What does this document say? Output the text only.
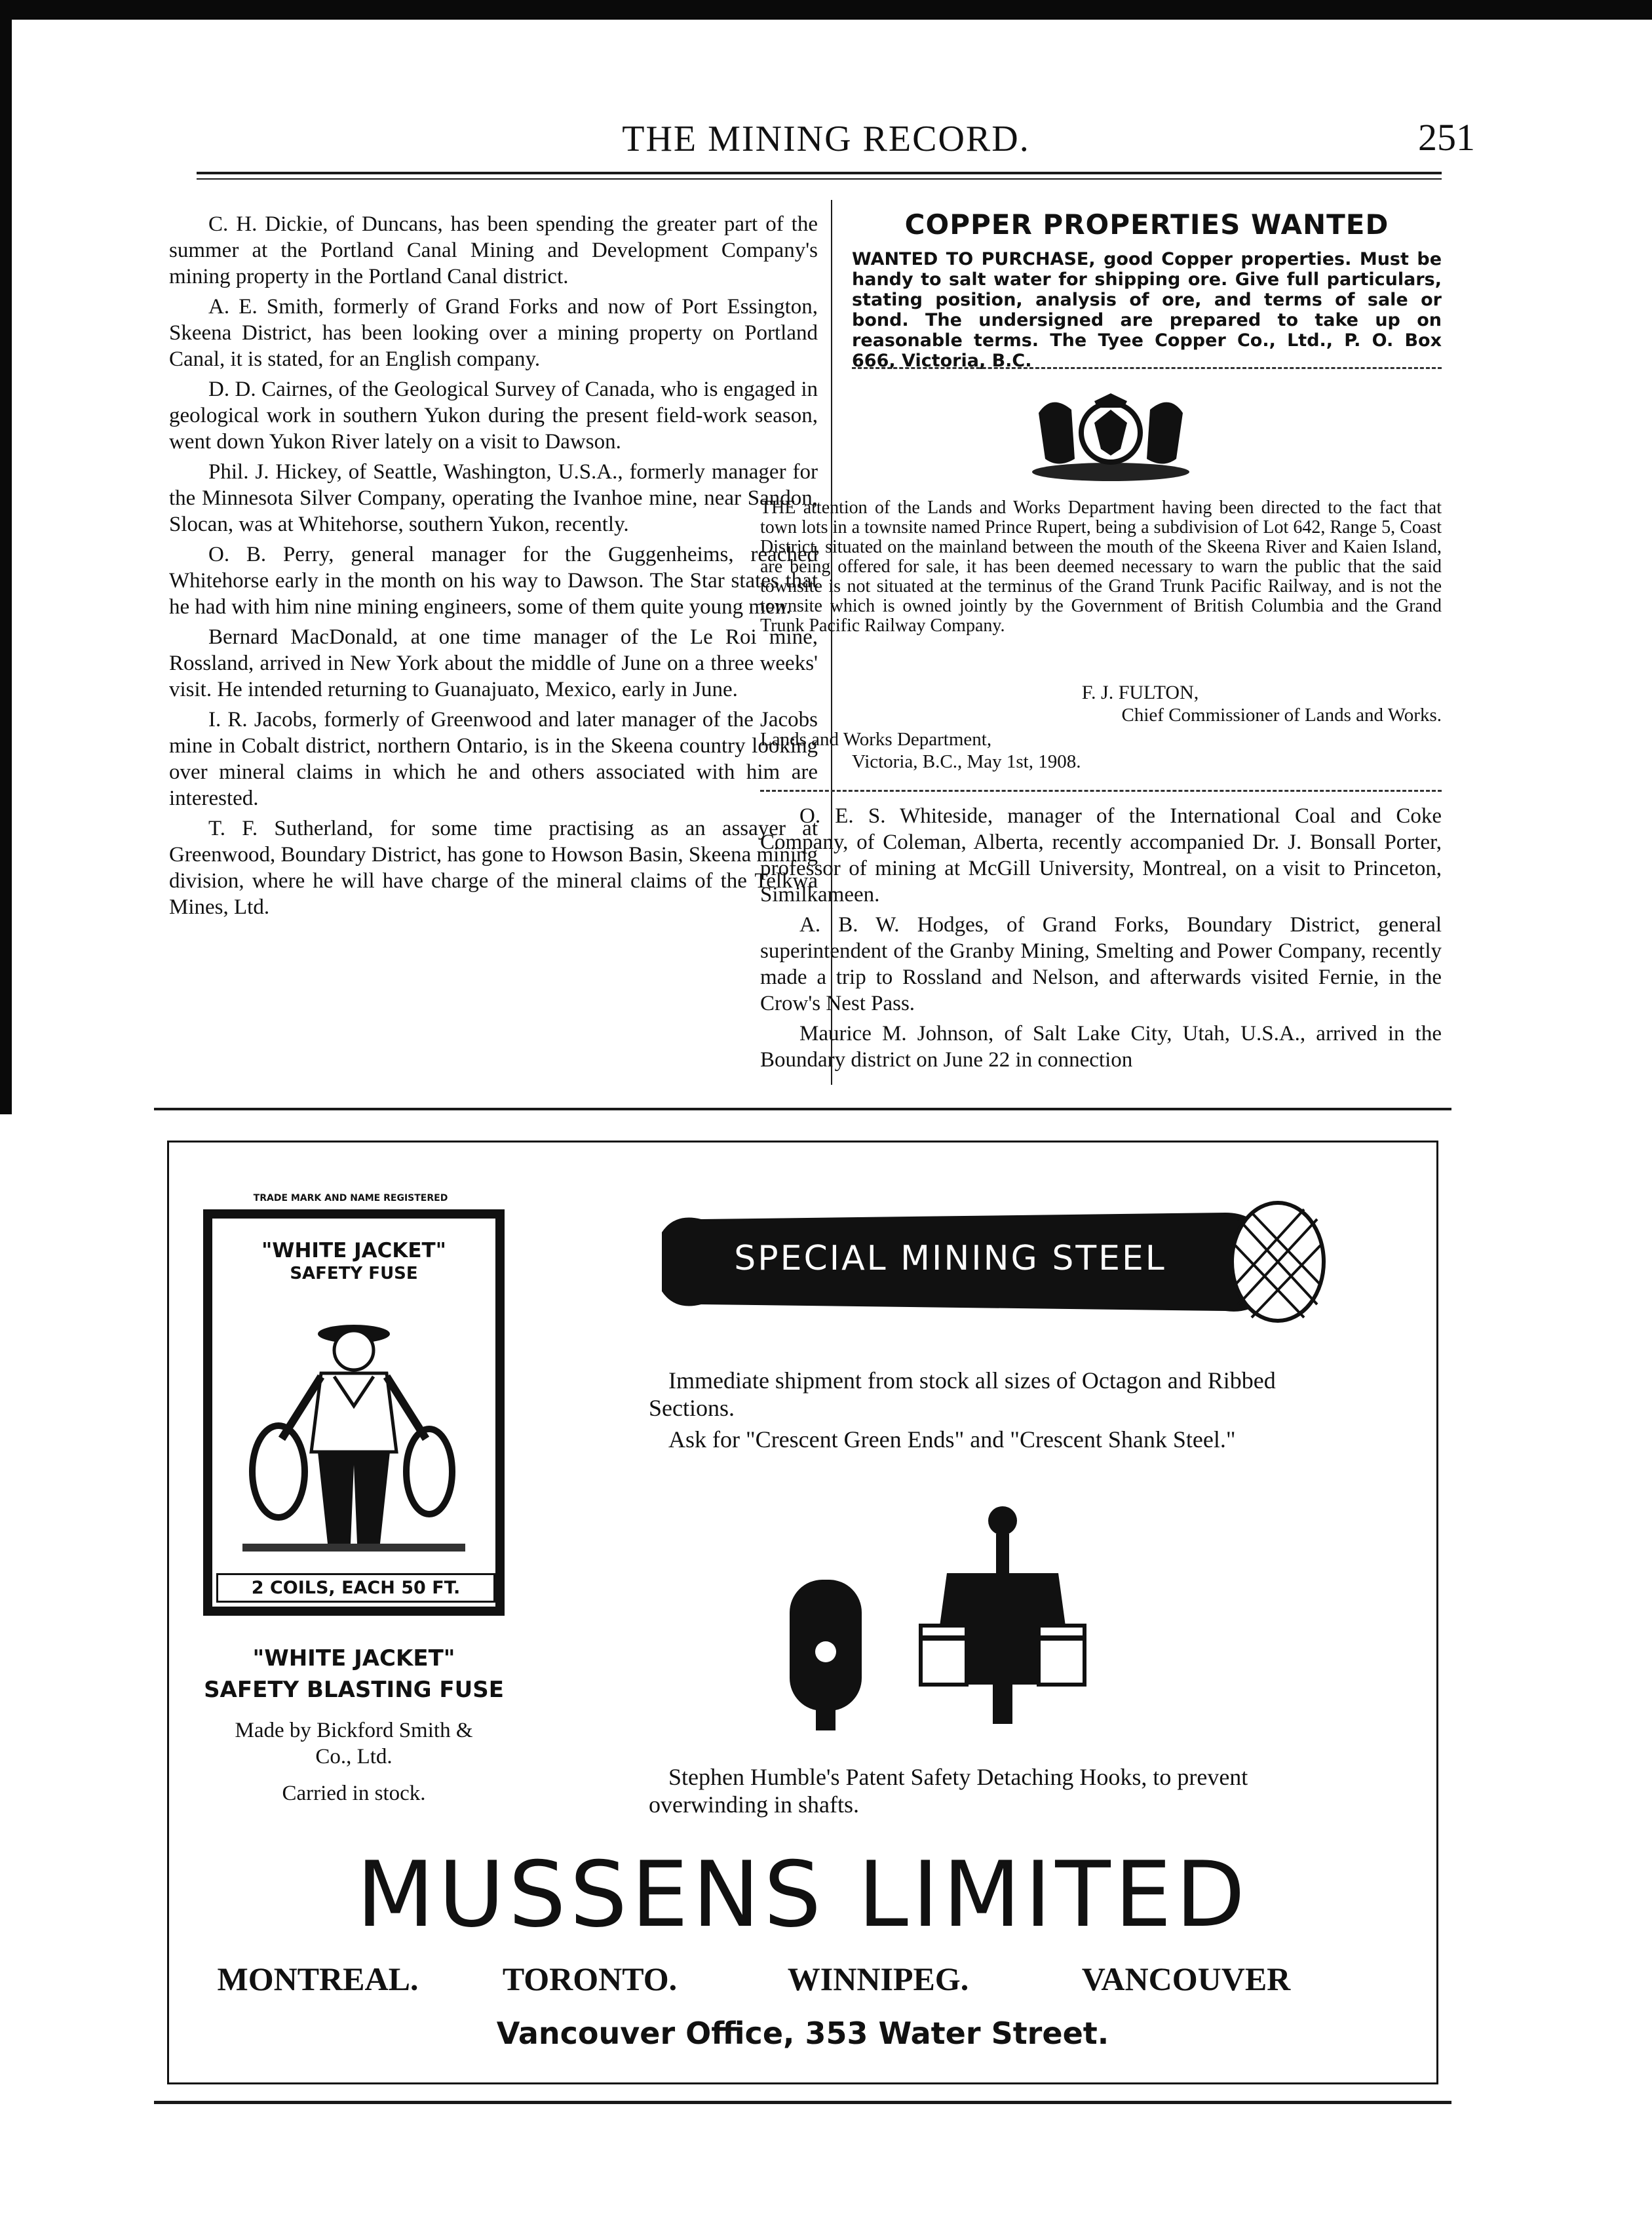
THE MINING RECORD.	251

C. H. Dickie, of Duncans, has been spending the greater part of the summer at the Portland Canal Mining and Development Company's mining property in the Portland Canal district.

A. E. Smith, formerly of Grand Forks and now of Port Essington, Skeena District, has been looking over a mining property on Portland Canal, it is stated, for an English company.

D. D. Cairnes, of the Geological Survey of Canada, who is engaged in geological work in southern Yukon during the present field-work season, went down Yukon River lately on a visit to Dawson.

Phil. J. Hickey, of Seattle, Washington, U.S.A., formerly manager for the Minnesota Silver Company, operating the Ivanhoe mine, near Sandon, Slocan, was at Whitehorse, southern Yukon, recently.

O. B. Perry, general manager for the Guggenheims, reached Whitehorse early in the month on his way to Dawson. The Star states that he had with him nine mining engineers, some of them quite young men.

Bernard MacDonald, at one time manager of the Le Roi mine, Rossland, arrived in New York about the middle of June on a three weeks' visit. He intended returning to Guanajuato, Mexico, early in June.

I. R. Jacobs, formerly of Greenwood and later manager of the Jacobs mine in Cobalt district, northern Ontario, is in the Skeena country looking over mineral claims in which he and others associated with him are interested.

T. F. Sutherland, for some time practising as an assayer at Greenwood, Boundary District, has gone to Howson Basin, Skeena mining division, where he will have charge of the mineral claims of the Telkwa Mines, Ltd.

COPPER PROPERTIES WANTED
WANTED TO PURCHASE, good Copper properties. Must be handy to salt water for shipping ore. Give full particulars, stating position, analysis of ore, and terms of sale or bond. The undersigned are prepared to take up on reasonable terms. The Tyee Copper Co., Ltd., P. O. Box 666, Victoria, B.C.
THE attention of the Lands and Works Department having been directed to the fact that town lots in a townsite named Prince Rupert, being a subdivision of Lot 642, Range 5, Coast District, situated on the mainland between the mouth of the Skeena River and Kaien Island, are being offered for sale, it has been deemed necessary to warn the public that the said townsite is not situated at the terminus of the Grand Trunk Pacific Railway, and is not the townsite which is owned jointly by the Government of British Columbia and the Grand Trunk Pacific Railway Company.
F. J. FULTON,
Chief Commissioner of Lands and Works.
Lands and Works Department,
Victoria, B.C., May 1st, 1908.

O. E. S. Whiteside, manager of the International Coal and Coke Company, of Coleman, Alberta, recently accompanied Dr. J. Bonsall Porter, professor of mining at McGill University, Montreal, on a visit to Princeton, Similkameen.

A. B. W. Hodges, of Grand Forks, Boundary District, general superintendent of the Granby Mining, Smelting and Power Company, recently made a trip to Rossland and Nelson, and afterwards visited Fernie, in the Crow's Nest Pass.

Maurice M. Johnson, of Salt Lake City, Utah, U.S.A., arrived in the Boundary district on June 22 in connection

TRADE MARK AND NAME REGISTERED
"WHITE JACKET"
SAFETY FUSE
2 COILS, EACH 50 FT.
"WHITE JACKET"
SAFETY BLASTING FUSE
Made by Bickford Smith & Co., Ltd.
Carried in stock.
SPECIAL MINING STEEL
Immediate shipment from stock all sizes of Octagon and Ribbed Sections.
Ask for "Crescent Green Ends" and "Crescent Shank Steel."
Stephen Humble's Patent Safety Detaching Hooks, to prevent overwinding in shafts.
MUSSENS LIMITED
MONTREAL.	TORONTO.	WINNIPEG.	VANCOUVER
Vancouver Office, 353 Water Street.
